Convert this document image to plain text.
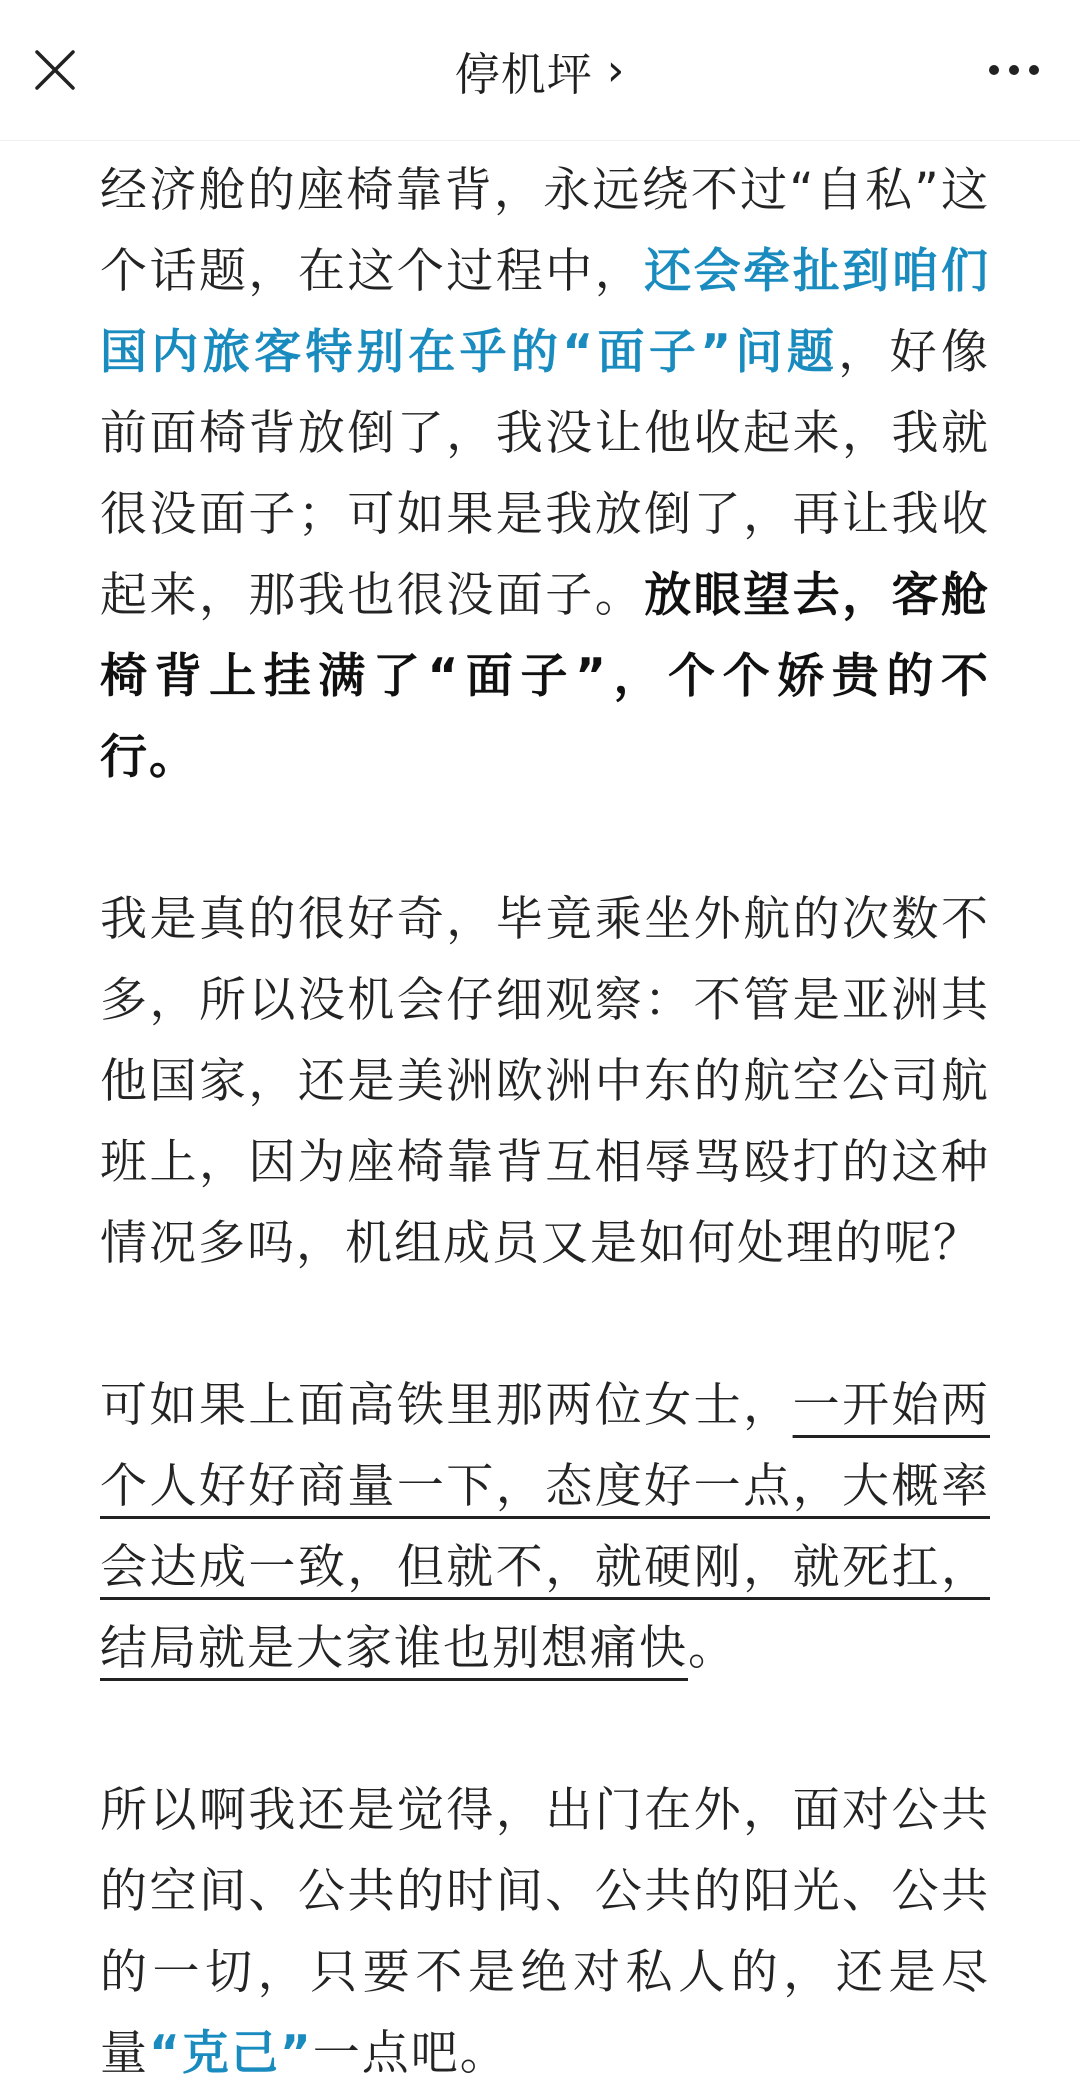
停机坪 ›

经济舱的座椅靠背，永远绕不过“自私”这个话题，在这个过程中，还会牵扯到咱们国内旅客特别在乎的“面子”问题，好像前面椅背放倒了，我没让他收起来，我就很没面子；可如果是我放倒了，再让我收起来，那我也很没面子。放眼望去，客舱椅背上挂满了“面子”，个个娇贵的不行。

我是真的很好奇，毕竟乘坐外航的次数不多，所以没机会仔细观察：不管是亚洲其他国家，还是美洲欧洲中东的航空公司航班上，因为座椅靠背互相辱骂殴打的这种情况多吗，机组成员又是如何处理的呢？

可如果上面高铁里那两位女士，一开始两个人好好商量一下，态度好一点，大概率会达成一致，但就不，就硬刚，就死扛，结局就是大家谁也别想痛快。

所以啊我还是觉得，出门在外，面对公共的空间、公共的时间、公共的阳光、公共的一切，只要不是绝对私人的，还是尽量“克己”一点吧。
